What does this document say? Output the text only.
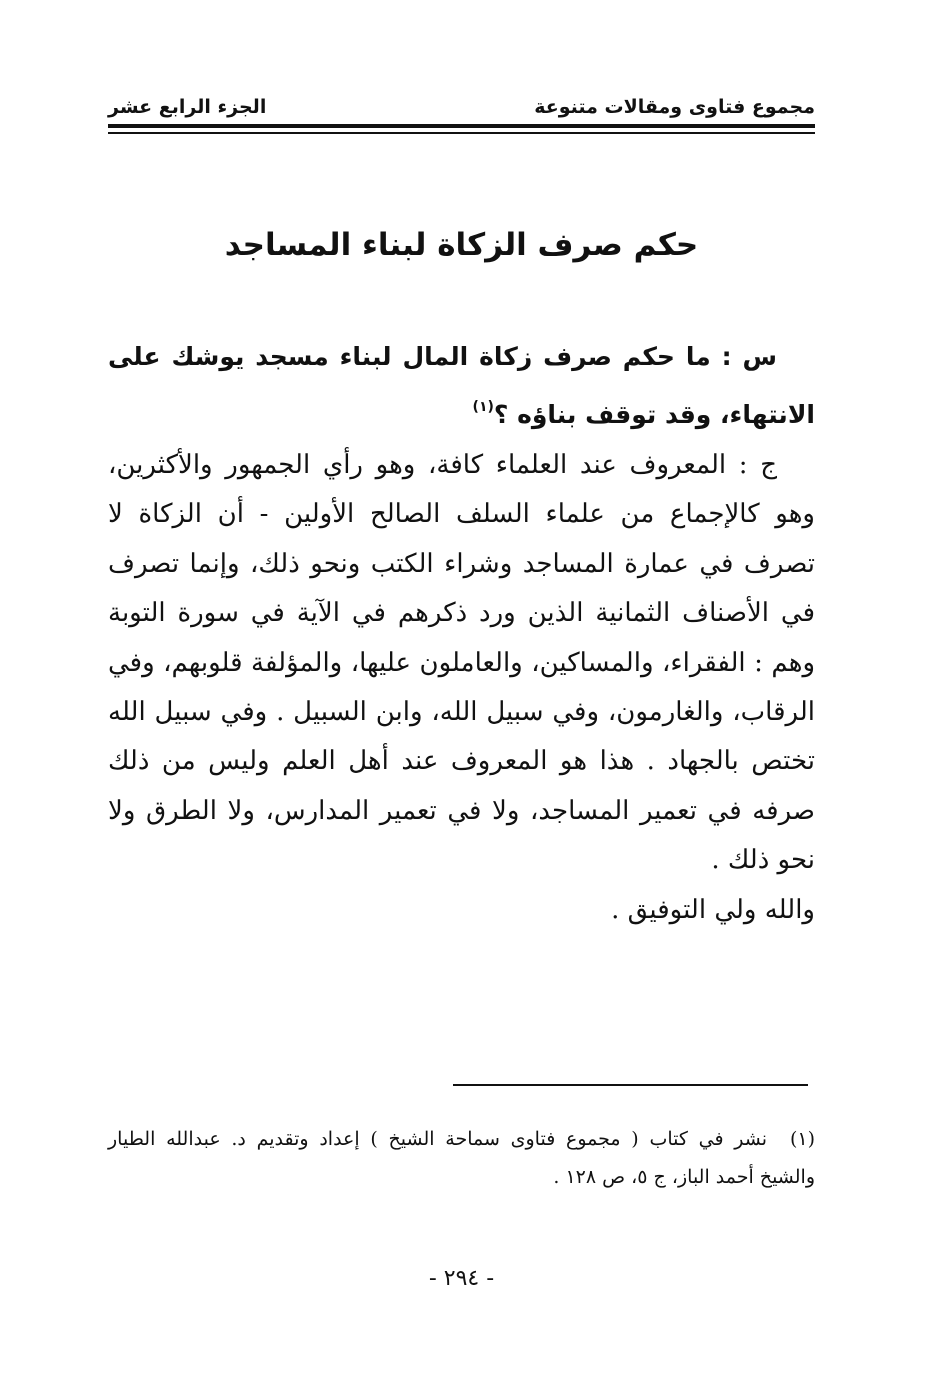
مجموع فتاوى ومقالات متنوعة
الجزء الرابع عشر
حكم صرف الزكاة لبناء المساجد
س : ما حكم صرف زكاة المال لبناء مسجد يوشك على الانتهاء، وقد توقف بناؤه ؟$^{(١)}$
ج : المعروف عند العلماء كافة، وهو رأي الجمهور والأكثرين، وهو كالإجماع من علماء السلف الصالح الأولين - أن الزكاة لا تصرف في عمارة المساجد وشراء الكتب ونحو ذلك، وإنما تصرف في الأصناف الثمانية الذين ورد ذكرهم في الآية في سورة التوبة وهم : الفقراء، والمساكين، والعاملون عليها، والمؤلفة قلوبهم، وفي الرقاب، والغارمون، وفي سبيل الله، وابن السبيل . وفي سبيل الله تختص بالجهاد . هذا هو المعروف عند أهل العلم وليس من ذلك صرفه في تعمير المساجد، ولا في تعمير المدارس، ولا الطرق ولا نحو ذلك .
والله ولي التوفيق .
(١)نشر في كتاب ( مجموع فتاوى سماحة الشيخ ) إعداد وتقديم د. عبدالله الطيار والشيخ أحمد الباز، ج ٥، ص ١٢٨ .
- ٢٩٤ -
